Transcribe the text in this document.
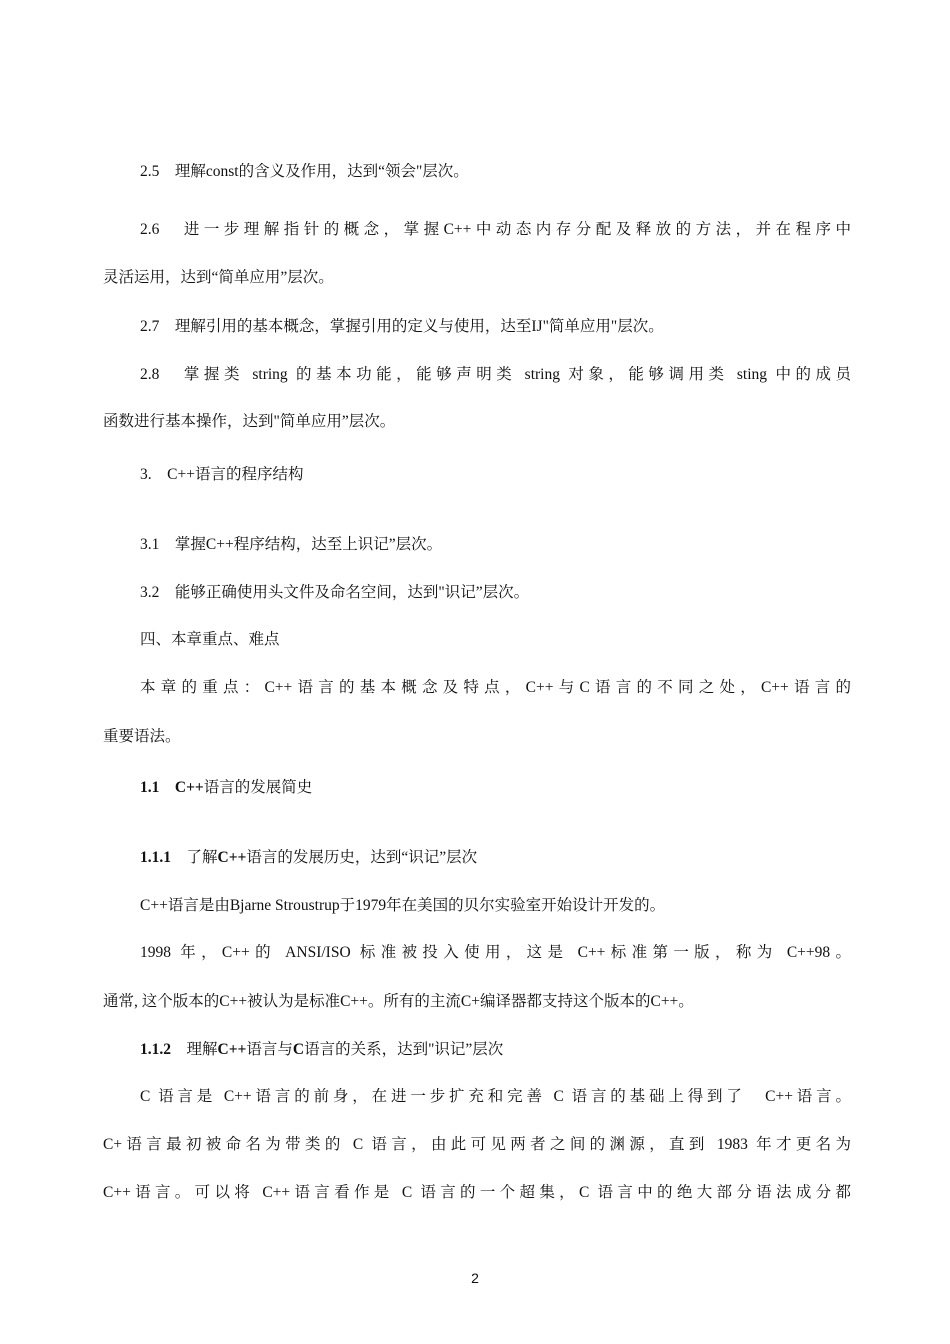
2.5　理解const的含义及作用，达到“领会"层次。
2.6　进一步理解指针的概念，掌握C++中动态内存分配及释放的方法，并在程序中
灵活运用，达到“简单应用”层次。
2.7　理解引用的基本概念，掌握引用的定义与使用，达至IJ"简单应用"层次。
2.8　掌握类 string 的基本功能，能够声明类 string 对象，能够调用类 sting 中的成员
函数进行基本操作，达到"简单应用”层次。
3.　C++语言的程序结构
3.1　掌握C++程序结构，达至上识记”层次。
3.2　能够正确使用头文件及命名空间，达到"识记”层次。
四、本章重点、难点
本章的重点：C++语言的基本概念及特点，C++与C语言的不同之处，C++语言的
重要语法。
1.1　C++语言的发展简史
1.1.1　了解C++语言的发展历史，达到“识记”层次
C++语言是由Bjarne Stroustrup于1979年在美国的贝尔实验室开始设计开发的。
1998 年，C++的 ANSI/ISO 标准被投入使用，这是 C++标准第一版，称为 C++98。
通常, 这个版本的C++被认为是标准C++。所有的主流C+编译器都支持这个版本的C++。
1.1.2　理解C++语言与C语言的关系，达到"识记”层次
C 语言是 C++语言的前身，在进一步扩充和完善 C 语言的基础上得到了　C++语言。
C+语言最初被命名为带类的 C 语言，由此可见两者之间的渊源，直到 1983 年才更名为
C++语言。可以将 C++语言看作是 C 语言的一个超集，C 语言中的绝大部分语法成分都
2
